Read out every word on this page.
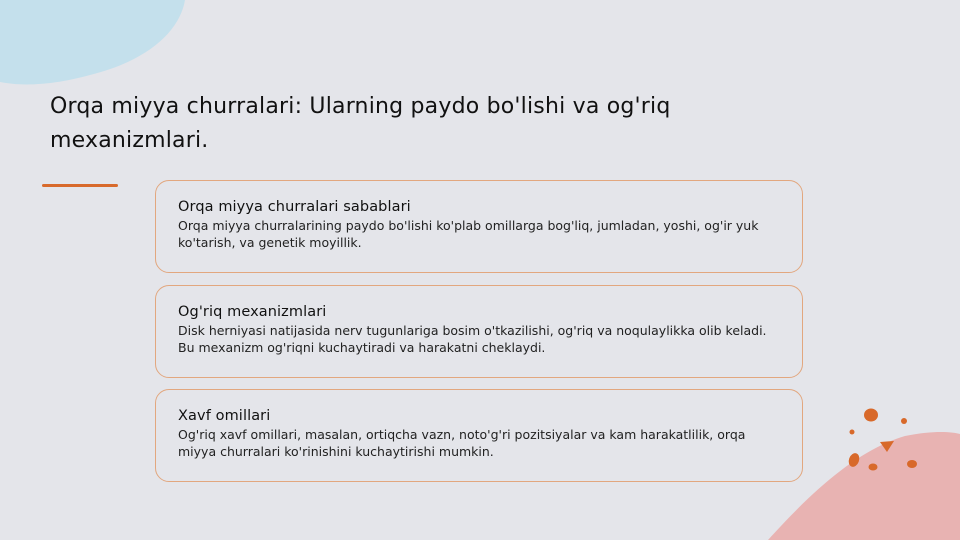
Orqa miyya churralari: Ularning paydo bo'lishi va og'riq mexanizmlari.
Orqa miyya churralari sabablari

Orqa miyya churralarining paydo bo'lishi ko'plab omillarga bog'liq, jumladan, yoshi, og'ir yuk ko'tarish, va genetik moyillik.

Og'riq mexanizmlari

Disk herniyasi natijasida nerv tugunlariga bosim o'tkazilishi, og'riq va noqulaylikka olib keladi. Bu mexanizm og'riqni kuchaytiradi va harakatni cheklaydi.

Xavf omillari

Og'riq xavf omillari, masalan, ortiqcha vazn, noto'g'ri pozitsiyalar va kam harakatlilik, orqa miyya churralari ko'rinishini kuchaytirishi mumkin.
